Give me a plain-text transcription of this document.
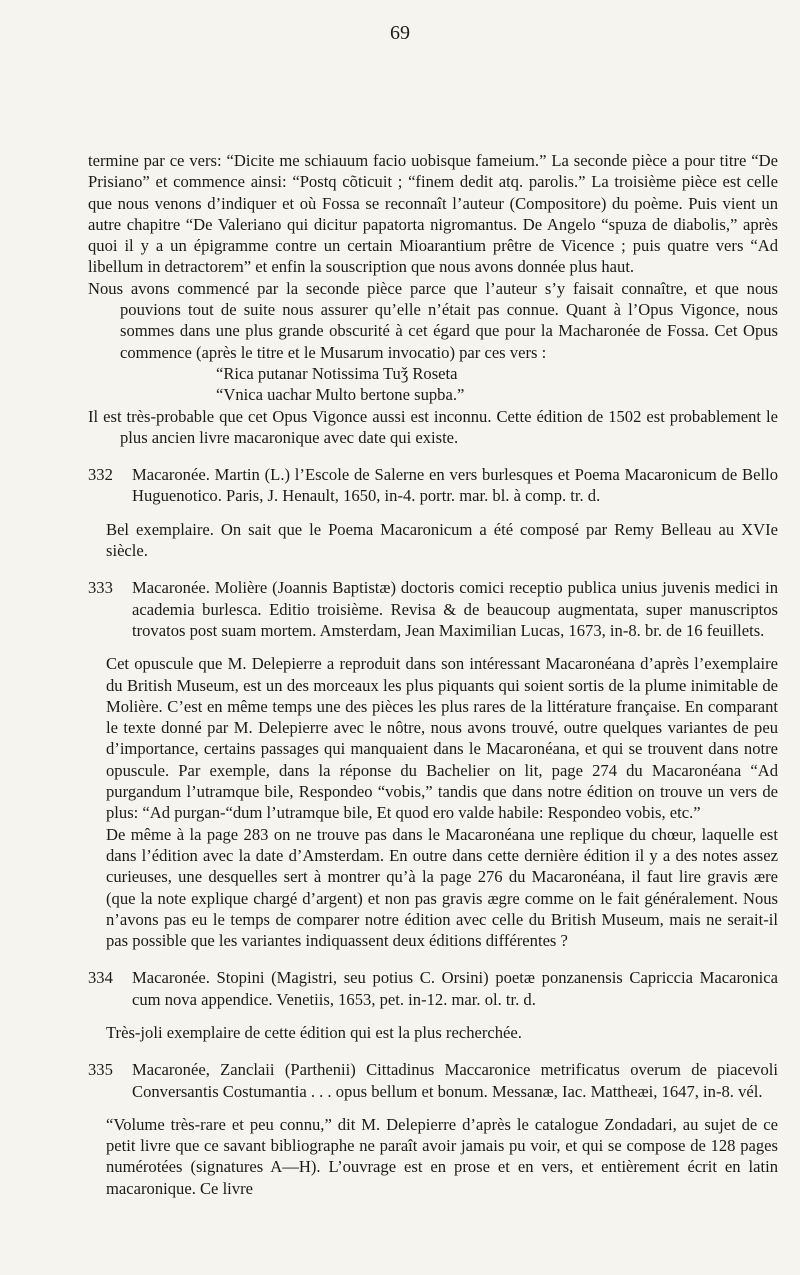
69

termine par ce vers: “Dicite me schiauum facio uobisque fameium.” La seconde pièce a pour titre “De Prisiano” et commence ainsi: “Postq cõticuit ; “finem dedit atq. parolis.” La troisième pièce est celle que nous venons d’indiquer et où Fossa se reconnaît l’auteur (Compositore) du poème. Puis vient un autre chapitre “De Valeriano qui dicitur papatorta nigromantus. De Angelo “spuza de diabolis,” après quoi il y a un épigramme contre un certain Mioarantium prêtre de Vicence ; puis quatre vers “Ad libellum in detractorem” et enfin la souscription que nous avons donnée plus haut.

Nous avons commencé par la seconde pièce parce que l’auteur s’y faisait connaître, et que nous pouvions tout de suite nous assurer qu’elle n’était pas connue. Quant à l’Opus Vigonce, nous sommes dans une plus grande obscurité à cet égard que pour la Macharonée de Fossa. Cet Opus commence (après le titre et le Musarum invocatio) par ces vers :

“Rica putanar Notissima Tuǯ Roseta

“Vnica uachar Multo bertone supba.”

Il est très-probable que cet Opus Vigonce aussi est inconnu. Cette édition de 1502 est probablement le plus ancien livre macaronique avec date qui existe.

332	Macaronée. Martin (L.) l’Escole de Salerne en vers burlesques et Poema Macaronicum de Bello Huguenotico. Paris, J. Henault, 1650, in-4. portr. mar. bl. à comp. tr. d.

Bel exemplaire. On sait que le Poema Macaronicum a été composé par Remy Belleau au XVIe siècle.

333	Macaronée. Molière (Joannis Baptistæ) doctoris comici receptio publica unius juvenis medici in academia burlesca. Editio troisième. Revisa & de beaucoup augmentata, super manuscriptos trovatos post suam mortem. Amsterdam, Jean Maximilian Lucas, 1673, in-8. br. de 16 feuillets.

Cet opuscule que M. Delepierre a reproduit dans son intéressant Macaronéana d’après l’exemplaire du British Museum, est un des morceaux les plus piquants qui soient sortis de la plume inimitable de Molière. C’est en même temps une des pièces les plus rares de la littérature française. En comparant le texte donné par M. Delepierre avec le nôtre, nous avons trouvé, outre quelques variantes de peu d’importance, certains passages qui manquaient dans le Macaronéana, et qui se trouvent dans notre opuscule. Par exemple, dans la réponse du Bachelier on lit, page 274 du Macaronéana “Ad purgandum l’utramque bile, Respondeo “vobis,” tandis que dans notre édition on trouve un vers de plus: “Ad purgan-“dum l’utramque bile, Et quod ero valde habile: Respondeo vobis, etc.”

De même à la page 283 on ne trouve pas dans le Macaronéana une replique du chœur, laquelle est dans l’édition avec la date d’Amsterdam. En outre dans cette dernière édition il y a des notes assez curieuses, une desquelles sert à montrer qu’à la page 276 du Macaronéana, il faut lire gravis ære (que la note explique chargé d’argent) et non pas gravis ægre comme on le fait généralement. Nous n’avons pas eu le temps de comparer notre édition avec celle du British Museum, mais ne serait-il pas possible que les variantes indiquassent deux éditions différentes ?

334	Macaronée. Stopini (Magistri, seu potius C. Orsini) poetæ ponzanensis Capriccia Macaronica cum nova appendice. Venetiis, 1653, pet. in-12. mar. ol. tr. d.

Très-joli exemplaire de cette édition qui est la plus recherchée.

335	Macaronée, Zanclaii (Parthenii) Cittadinus Maccaronice metrificatus overum de piacevoli Conversantis Costumantia . . . opus bellum et bonum. Messanæ, Iac. Mattheæi, 1647, in-8. vél.

“Volume très-rare et peu connu,” dit M. Delepierre d’après le catalogue Zondadari, au sujet de ce petit livre que ce savant bibliographe ne paraît avoir jamais pu voir, et qui se compose de 128 pages numérotées (signatures A—H). L’ouvrage est en prose et en vers, et entièrement écrit en latin macaronique. Ce livre
